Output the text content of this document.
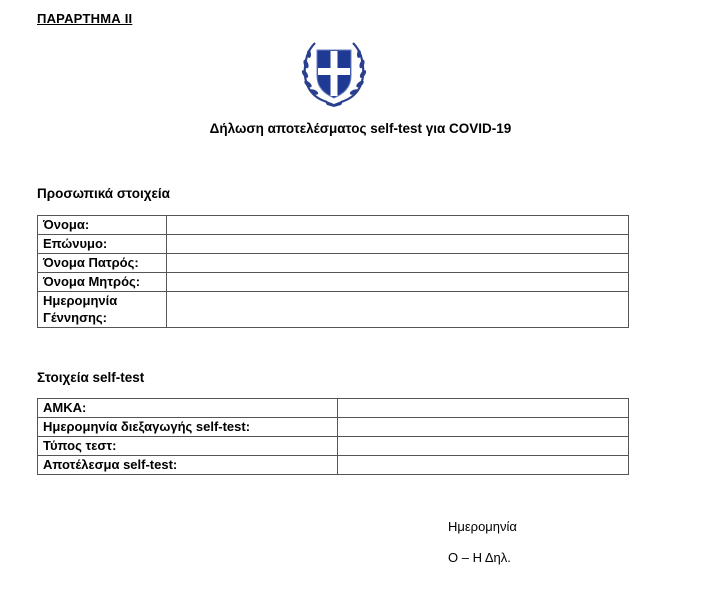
ΠΑΡΑΡΤΗΜΑ ΙΙ
Δήλωση αποτελέσματος self-test για COVID-19
Προσωπικά στοιχεία
Όνομα:	
Επώνυμο:	
Όνομα Πατρός:	
Όνομα Μητρός:	

Ημερομηνία
Γέννησης:	

Στοιχεία self-test
ΑΜΚΑ:	
Ημερομηνία διεξαγωγής self-test:	
Τύπος τεστ:	
Αποτέλεσμα self-test:	
Ημερομηνία
Ο – Η Δηλ.
